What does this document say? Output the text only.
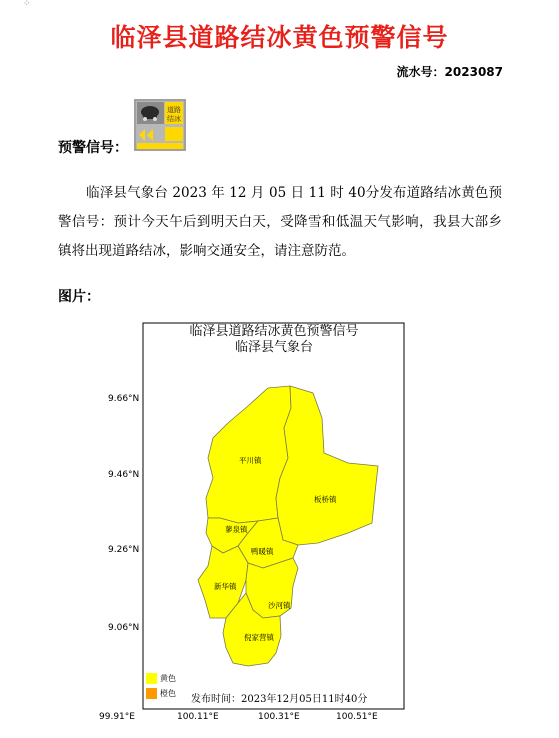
⁘
临泽县道路结冰黄色预警信号
流水号：2023087
预警信号：
道路
结冰
临泽县气象台 2023 年 12 月 05 日 11 时 40分发布道路结冰黄色预警信号：预计今天午后到明天白天，受降雪和低温天气影响，我县大部乡镇将出现道路结冰，影响交通安全，请注意防范。
图片：
临泽县道路结冰黄色预警信号
临泽县气象台
9.66°N
9.46°N
9.26°N
9.06°N
99.91°E	100.11°E	100.31°E	100.51°E
平川镇
板桥镇
蓼泉镇
鸭暖镇
新华镇
沙河镇
倪家营镇
黄色
橙色
发布时间：2023年12月05日11时40分
